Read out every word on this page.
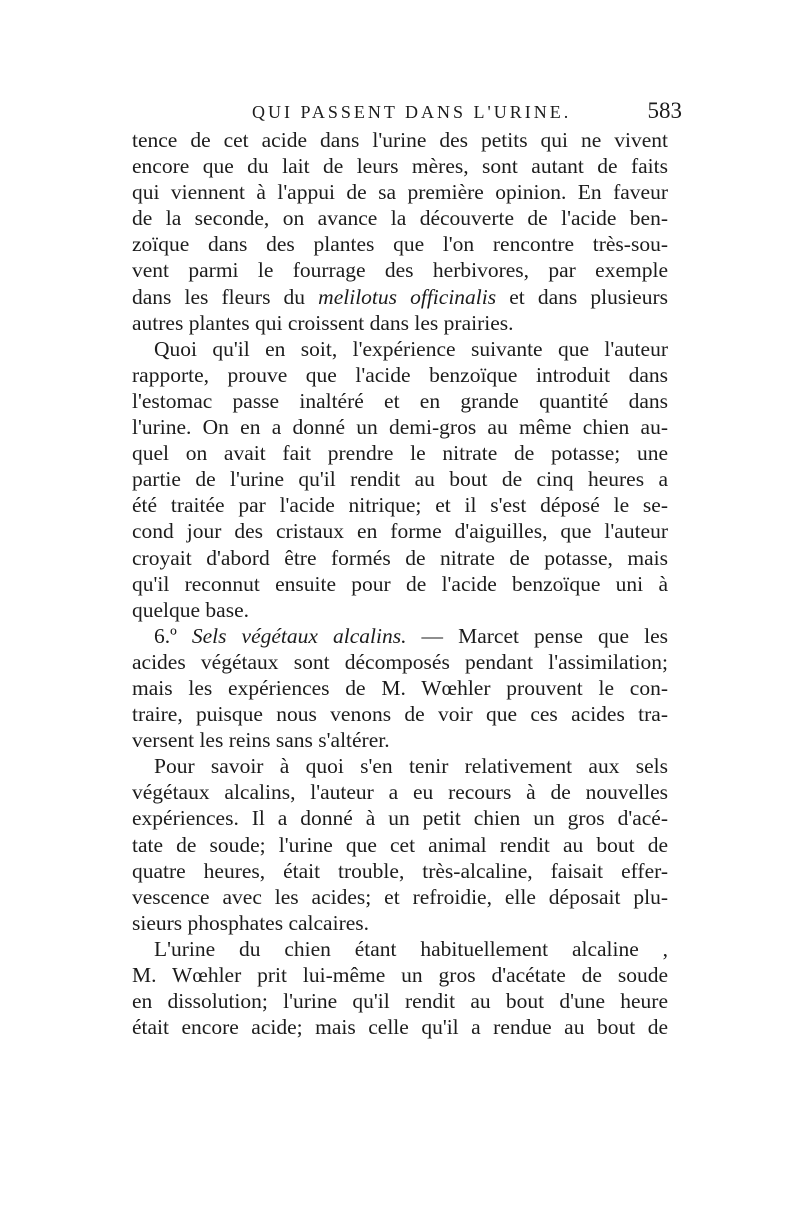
QUI PASSENT DANS L'URINE.	583
tence de cet acide dans l'urine des petits qui ne vivent
encore que du lait de leurs mères, sont autant de faits
qui viennent à l'appui de sa première opinion. En faveur
de la seconde, on avance la découverte de l'acide ben-
zoïque dans des plantes que l'on rencontre très-sou-
vent parmi le fourrage des herbivores, par exemple
dans les fleurs du melilotus officinalis et dans plusieurs
autres plantes qui croissent dans les prairies.
Quoi qu'il en soit, l'expérience suivante que l'auteur
rapporte, prouve que l'acide benzoïque introduit dans
l'estomac passe inaltéré et en grande quantité dans
l'urine. On en a donné un demi-gros au même chien au-
quel on avait fait prendre le nitrate de potasse; une
partie de l'urine qu'il rendit au bout de cinq heures a
été traitée par l'acide nitrique; et il s'est déposé le se-
cond jour des cristaux en forme d'aiguilles, que l'auteur
croyait d'abord être formés de nitrate de potasse, mais
qu'il reconnut ensuite pour de l'acide benzoïque uni à
quelque base.
6.º Sels végétaux alcalins. — Marcet pense que les
acides végétaux sont décomposés pendant l'assimilation;
mais les expériences de M. Wœhler prouvent le con-
traire, puisque nous venons de voir que ces acides tra-
versent les reins sans s'altérer.
Pour savoir à quoi s'en tenir relativement aux sels
végétaux alcalins, l'auteur a eu recours à de nouvelles
expériences. Il a donné à un petit chien un gros d'acé-
tate de soude; l'urine que cet animal rendit au bout de
quatre heures, était trouble, très-alcaline, faisait effer-
vescence avec les acides; et refroidie, elle déposait plu-
sieurs phosphates calcaires.
L'urine du chien étant habituellement alcaline ,
M. Wœhler prit lui-même un gros d'acétate de soude
en dissolution; l'urine qu'il rendit au bout d'une heure
était encore acide; mais celle qu'il a rendue au bout de
